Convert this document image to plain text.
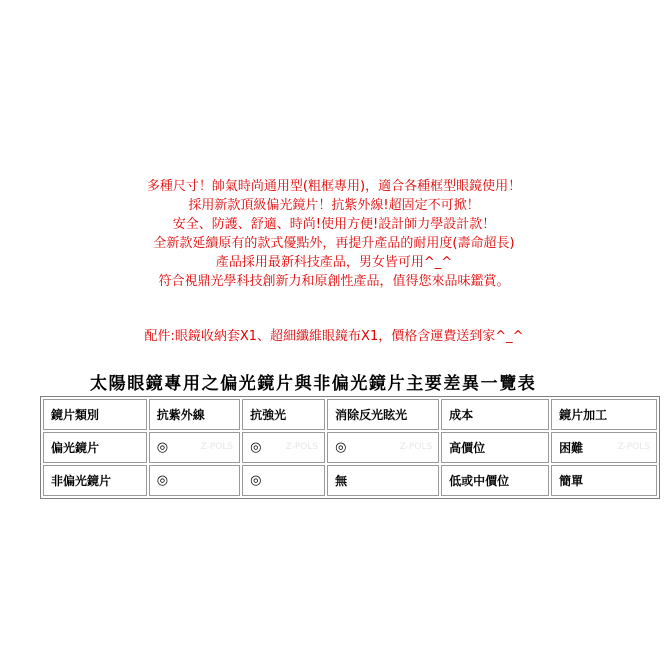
多種尺寸！帥氣時尚通用型(粗框專用)，適合各種框型眼鏡使用！
採用新款頂級偏光鏡片！抗紫外線!超固定不可掀！
安全、防護、舒適、時尚!使用方便!設計師力學設計款！
全新款延續原有的款式優點外，再提升產品的耐用度(壽命超長)
產品採用最新科技產品，男女皆可用^_^
符合視鼎光學科技創新力和原創性產品，值得您來品味鑑賞。
配件:眼鏡收納套X1、超細纖維眼鏡布X1，價格含運費送到家^_^
太陽眼鏡專用之偏光鏡片與非偏光鏡片主要差異一覽表
鏡片類別	抗紫外線	抗強光	消除反光眩光	成本	鏡片加工
偏光鏡片	◎ Z-POLS	◎ Z-POLS	◎ Z-POLS	高價位	困難 Z-POLS

非偏光鏡片	◎	◎	無	低或中價位	簡單
